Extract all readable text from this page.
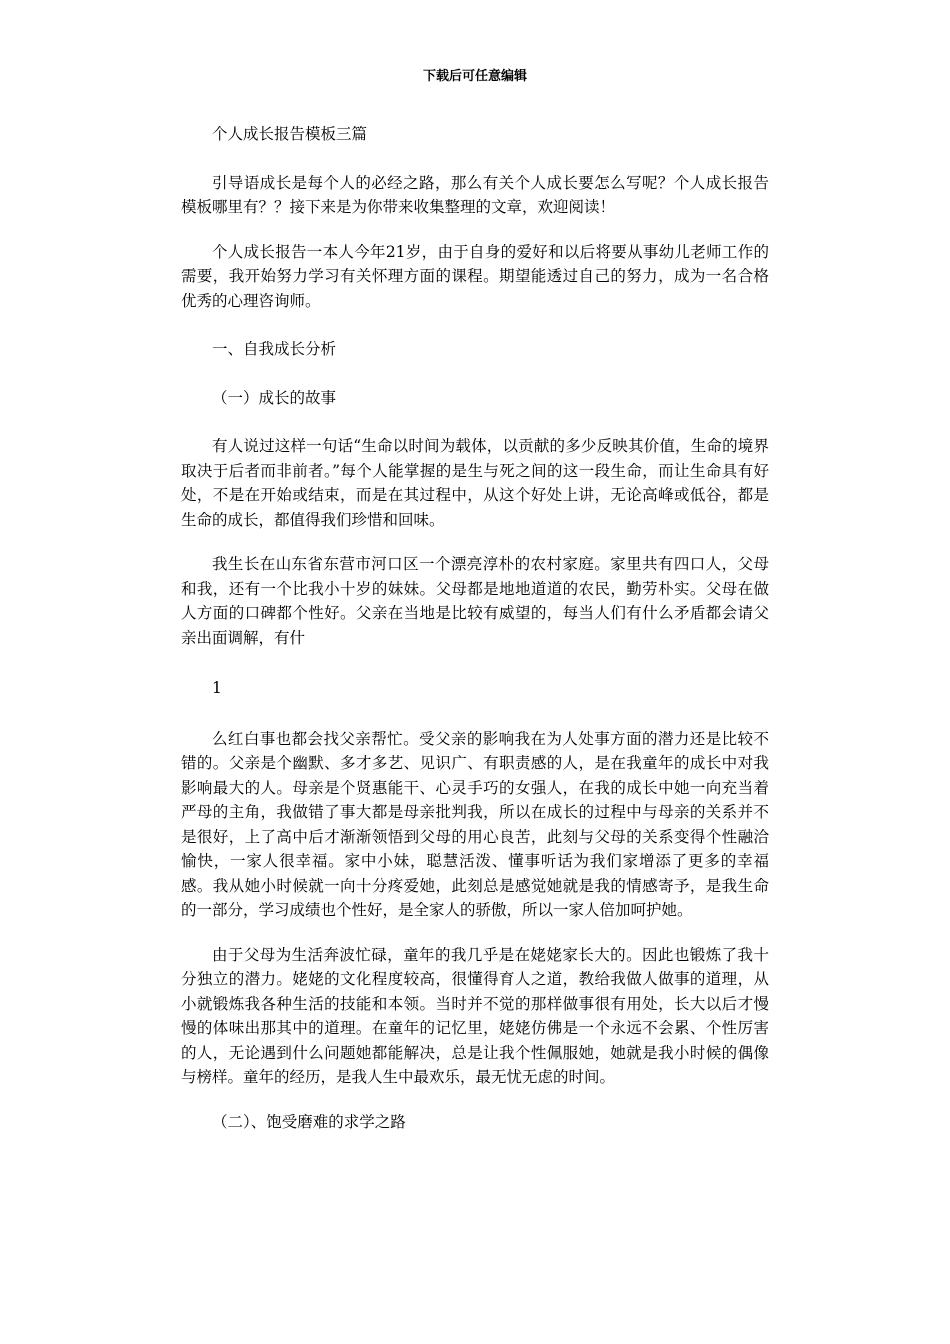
下载后可任意编辑

个人成长报告模板三篇

引导语成长是每个人的必经之路，那么有关个人成长要怎么写呢？个人成长报告模板哪里有？？接下来是为你带来收集整理的文章，欢迎阅读！

个人成长报告一本人今年21岁，由于自身的爱好和以后将要从事幼儿老师工作的需要，我开始努力学习有关怀理方面的课程。期望能透过自己的努力，成为一名合格优秀的心理咨询师。

一、自我成长分析

（一）成长的故事

有人说过这样一句话“生命以时间为载体，以贡献的多少反映其价值，生命的境界取决于后者而非前者。”每个人能掌握的是生与死之间的这一段生命，而让生命具有好处，不是在开始或结束，而是在其过程中，从这个好处上讲，无论高峰或低谷，都是生命的成长，都值得我们珍惜和回味。

我生长在山东省东营市河口区一个漂亮淳朴的农村家庭。家里共有四口人，父母和我，还有一个比我小十岁的妹妹。父母都是地地道道的农民，勤劳朴实。父母在做人方面的口碑都个性好。父亲在当地是比较有威望的，每当人们有什么矛盾都会请父亲出面调解，有什

1

么红白事也都会找父亲帮忙。受父亲的影响我在为人处事方面的潜力还是比较不错的。父亲是个幽默、多才多艺、见识广、有职责感的人，是在我童年的成长中对我影响最大的人。母亲是个贤惠能干、心灵手巧的女强人，在我的成长中她一向充当着严母的主角，我做错了事大都是母亲批判我，所以在成长的过程中与母亲的关系并不是很好，上了高中后才渐渐领悟到父母的用心良苦，此刻与父母的关系变得个性融洽愉快，一家人很幸福。家中小妹，聪慧活泼、懂事听话为我们家增添了更多的幸福感。我从她小时候就一向十分疼爱她，此刻总是感觉她就是我的情感寄予，是我生命的一部分，学习成绩也个性好，是全家人的骄傲，所以一家人倍加呵护她。

由于父母为生活奔波忙碌，童年的我几乎是在姥姥家长大的。因此也锻炼了我十分独立的潜力。姥姥的文化程度较高，很懂得育人之道，教给我做人做事的道理，从小就锻炼我各种生活的技能和本领。当时并不觉的那样做事很有用处，长大以后才慢慢的体味出那其中的道理。在童年的记忆里，姥姥仿佛是一个永远不会累、个性厉害的人，无论遇到什么问题她都能解决，总是让我个性佩服她，她就是我小时候的偶像与榜样。童年的经历，是我人生中最欢乐，最无忧无虑的时间。

（二）、饱受磨难的求学之路
